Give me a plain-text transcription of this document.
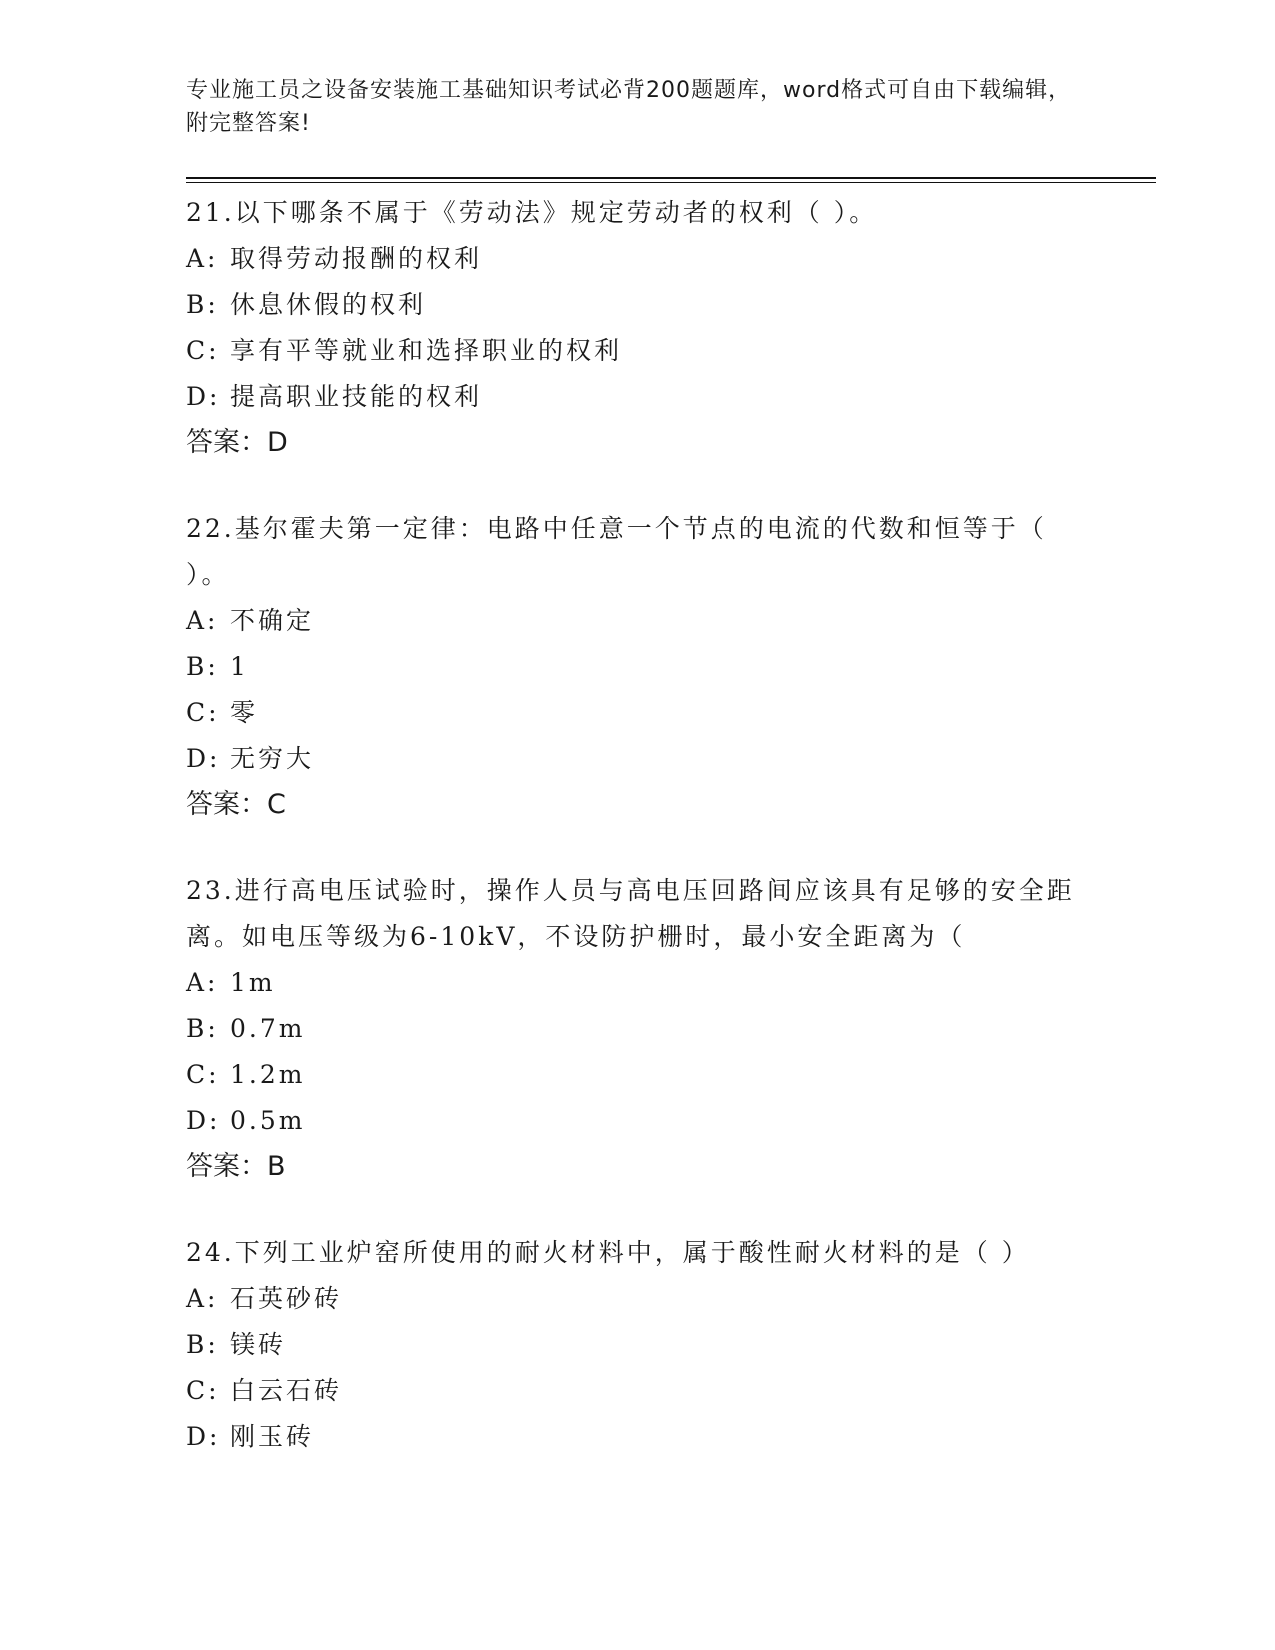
专业施工员之设备安装施工基础知识考试必背200题题库，word格式可自由下载编辑，附完整答案!
21.以下哪条不属于《劳动法》规定劳动者的权利（ ）。
A: 取得劳动报酬的权利
B: 休息休假的权利
C: 享有平等就业和选择职业的权利
D: 提高职业技能的权利
答案：D
22.基尔霍夫第一定律：电路中任意一个节点的电流的代数和恒等于（ ）。
A: 不确定
B: 1
C: 零
D: 无穷大
答案：C
23.进行高电压试验时，操作人员与高电压回路间应该具有足够的安全距离。如电压等级为6-10kV，不设防护栅时，最小安全距离为（
A: 1m
B: 0.7m
C: 1.2m
D: 0.5m
答案：B
24.下列工业炉窑所使用的耐火材料中，属于酸性耐火材料的是（ ）
A: 石英砂砖
B: 镁砖
C: 白云石砖
D: 刚玉砖
